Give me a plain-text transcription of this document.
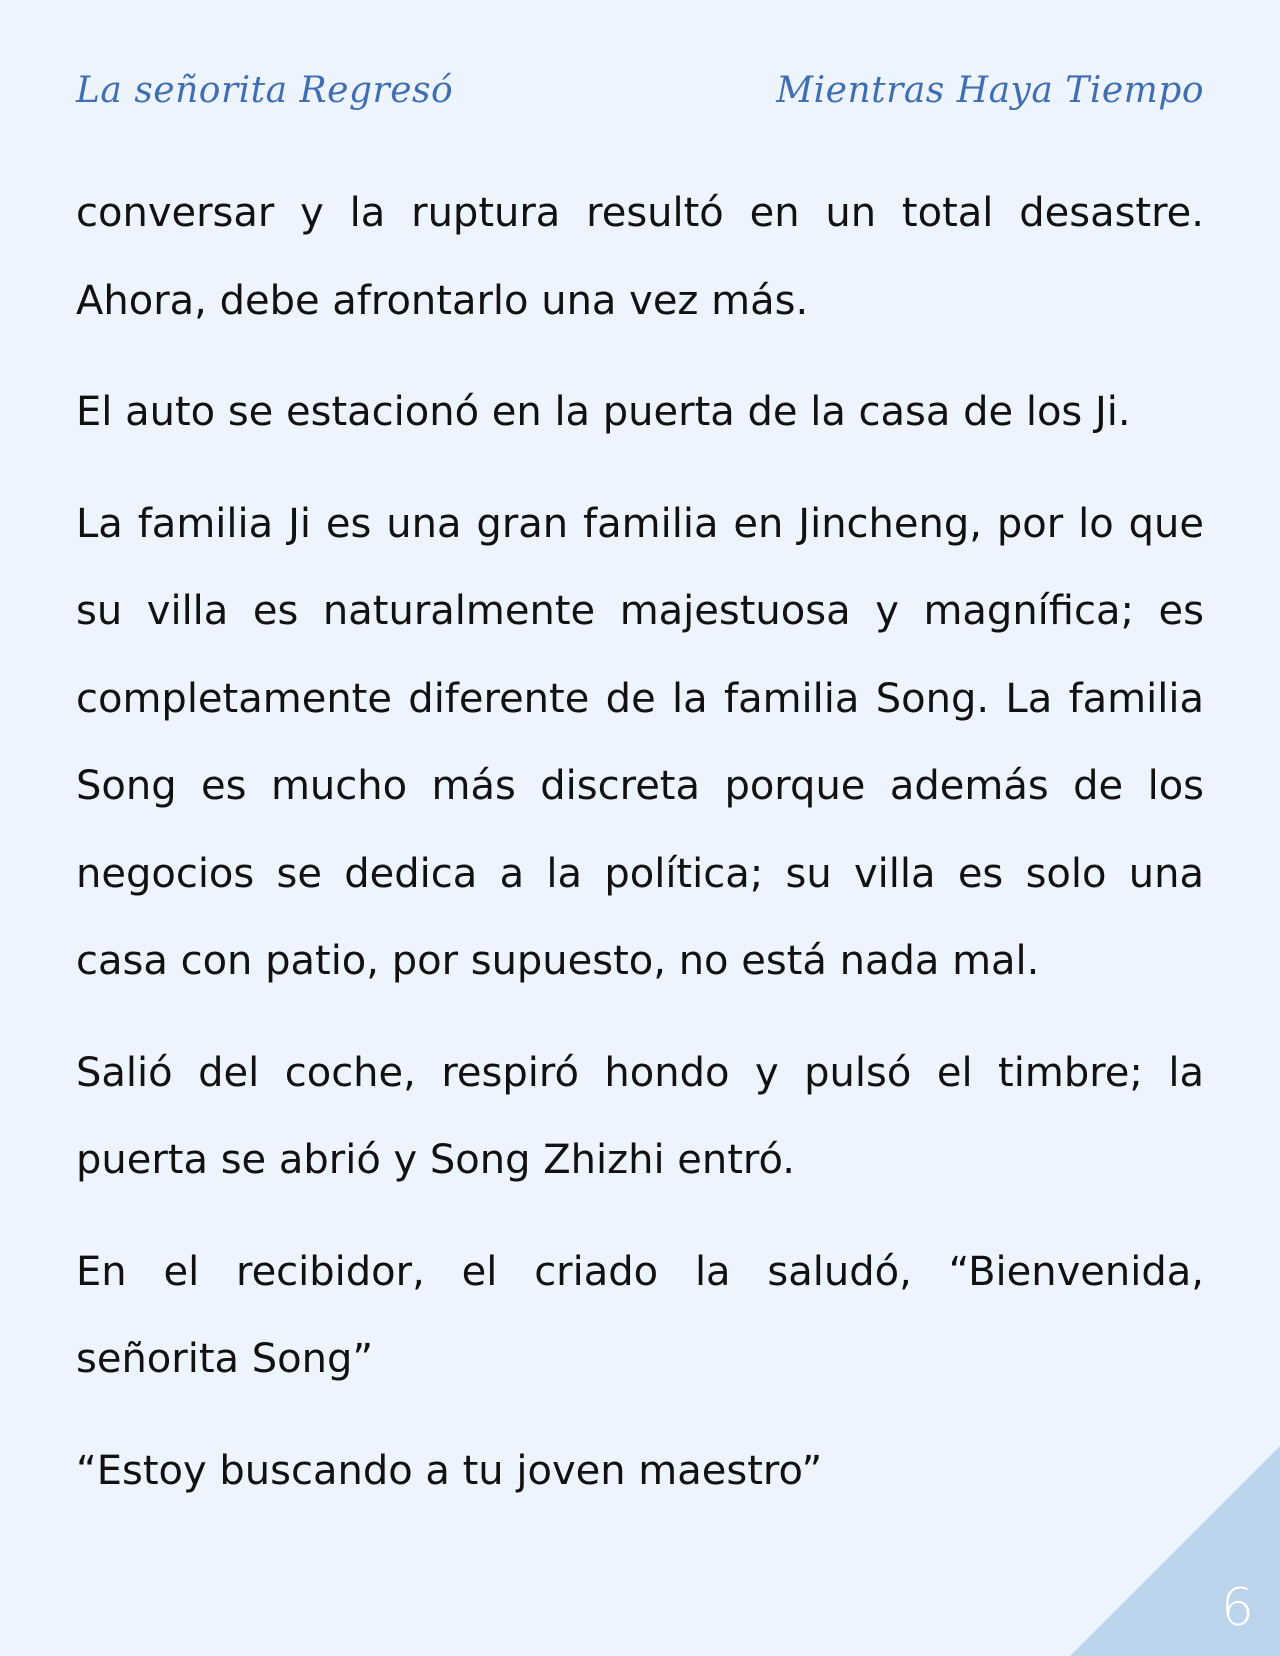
La señorita Regresó	Mientras Haya Tiempo

conversar y la ruptura resultó en un total desastre. Ahora, debe afrontarlo una vez más.

El auto se estacionó en la puerta de la casa de los Ji.

La familia Ji es una gran familia en Jincheng, por lo que su villa es naturalmente majestuosa y magnífica; es completamente diferente de la familia Song. La familia Song es mucho más discreta porque además de los negocios se dedica a la política; su villa es solo una casa con patio, por supuesto, no está nada mal.

Salió del coche, respiró hondo y pulsó el timbre; la puerta se abrió y Song Zhizhi entró.

En el recibidor, el criado la saludó, “Bienvenida, señorita Song”

“Estoy buscando a tu joven maestro”

6
